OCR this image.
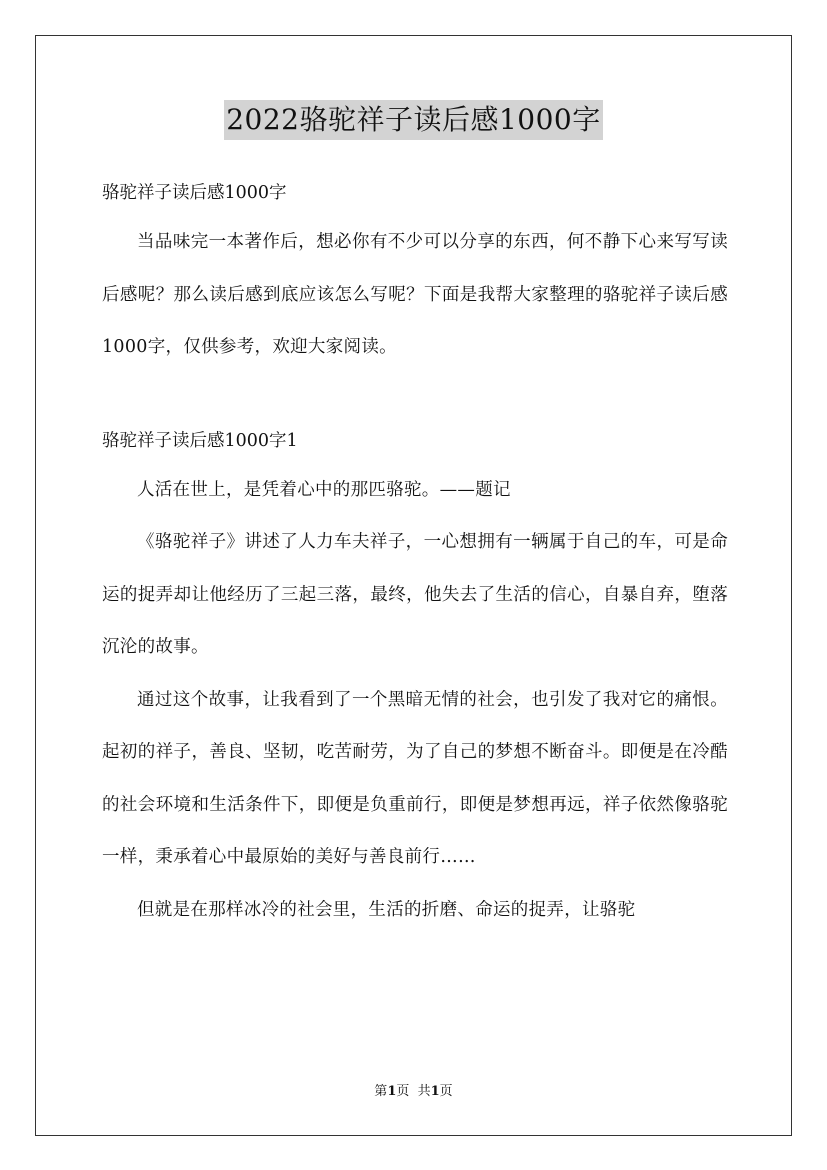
2022骆驼祥子读后感1000字

骆驼祥子读后感1000字

当品味完一本著作后，想必你有不少可以分享的东西，何不静下心来写写读后感呢？那么读后感到底应该怎么写呢？下面是我帮大家整理的骆驼祥子读后感1000字，仅供参考，欢迎大家阅读。

骆驼祥子读后感1000字1

人活在世上，是凭着心中的那匹骆驼。——题记

《骆驼祥子》讲述了人力车夫祥子，一心想拥有一辆属于自己的车，可是命运的捉弄却让他经历了三起三落，最终，他失去了生活的信心，自暴自弃，堕落沉沦的故事。

通过这个故事，让我看到了一个黑暗无情的社会，也引发了我对它的痛恨。起初的祥子，善良、坚韧，吃苦耐劳，为了自己的梦想不断奋斗。即便是在冷酷的社会环境和生活条件下，即便是负重前行，即便是梦想再远，祥子依然像骆驼一样，秉承着心中最原始的美好与善良前行……

但就是在那样冰冷的社会里，生活的折磨、命运的捉弄，让骆驼

第1页  共1页
